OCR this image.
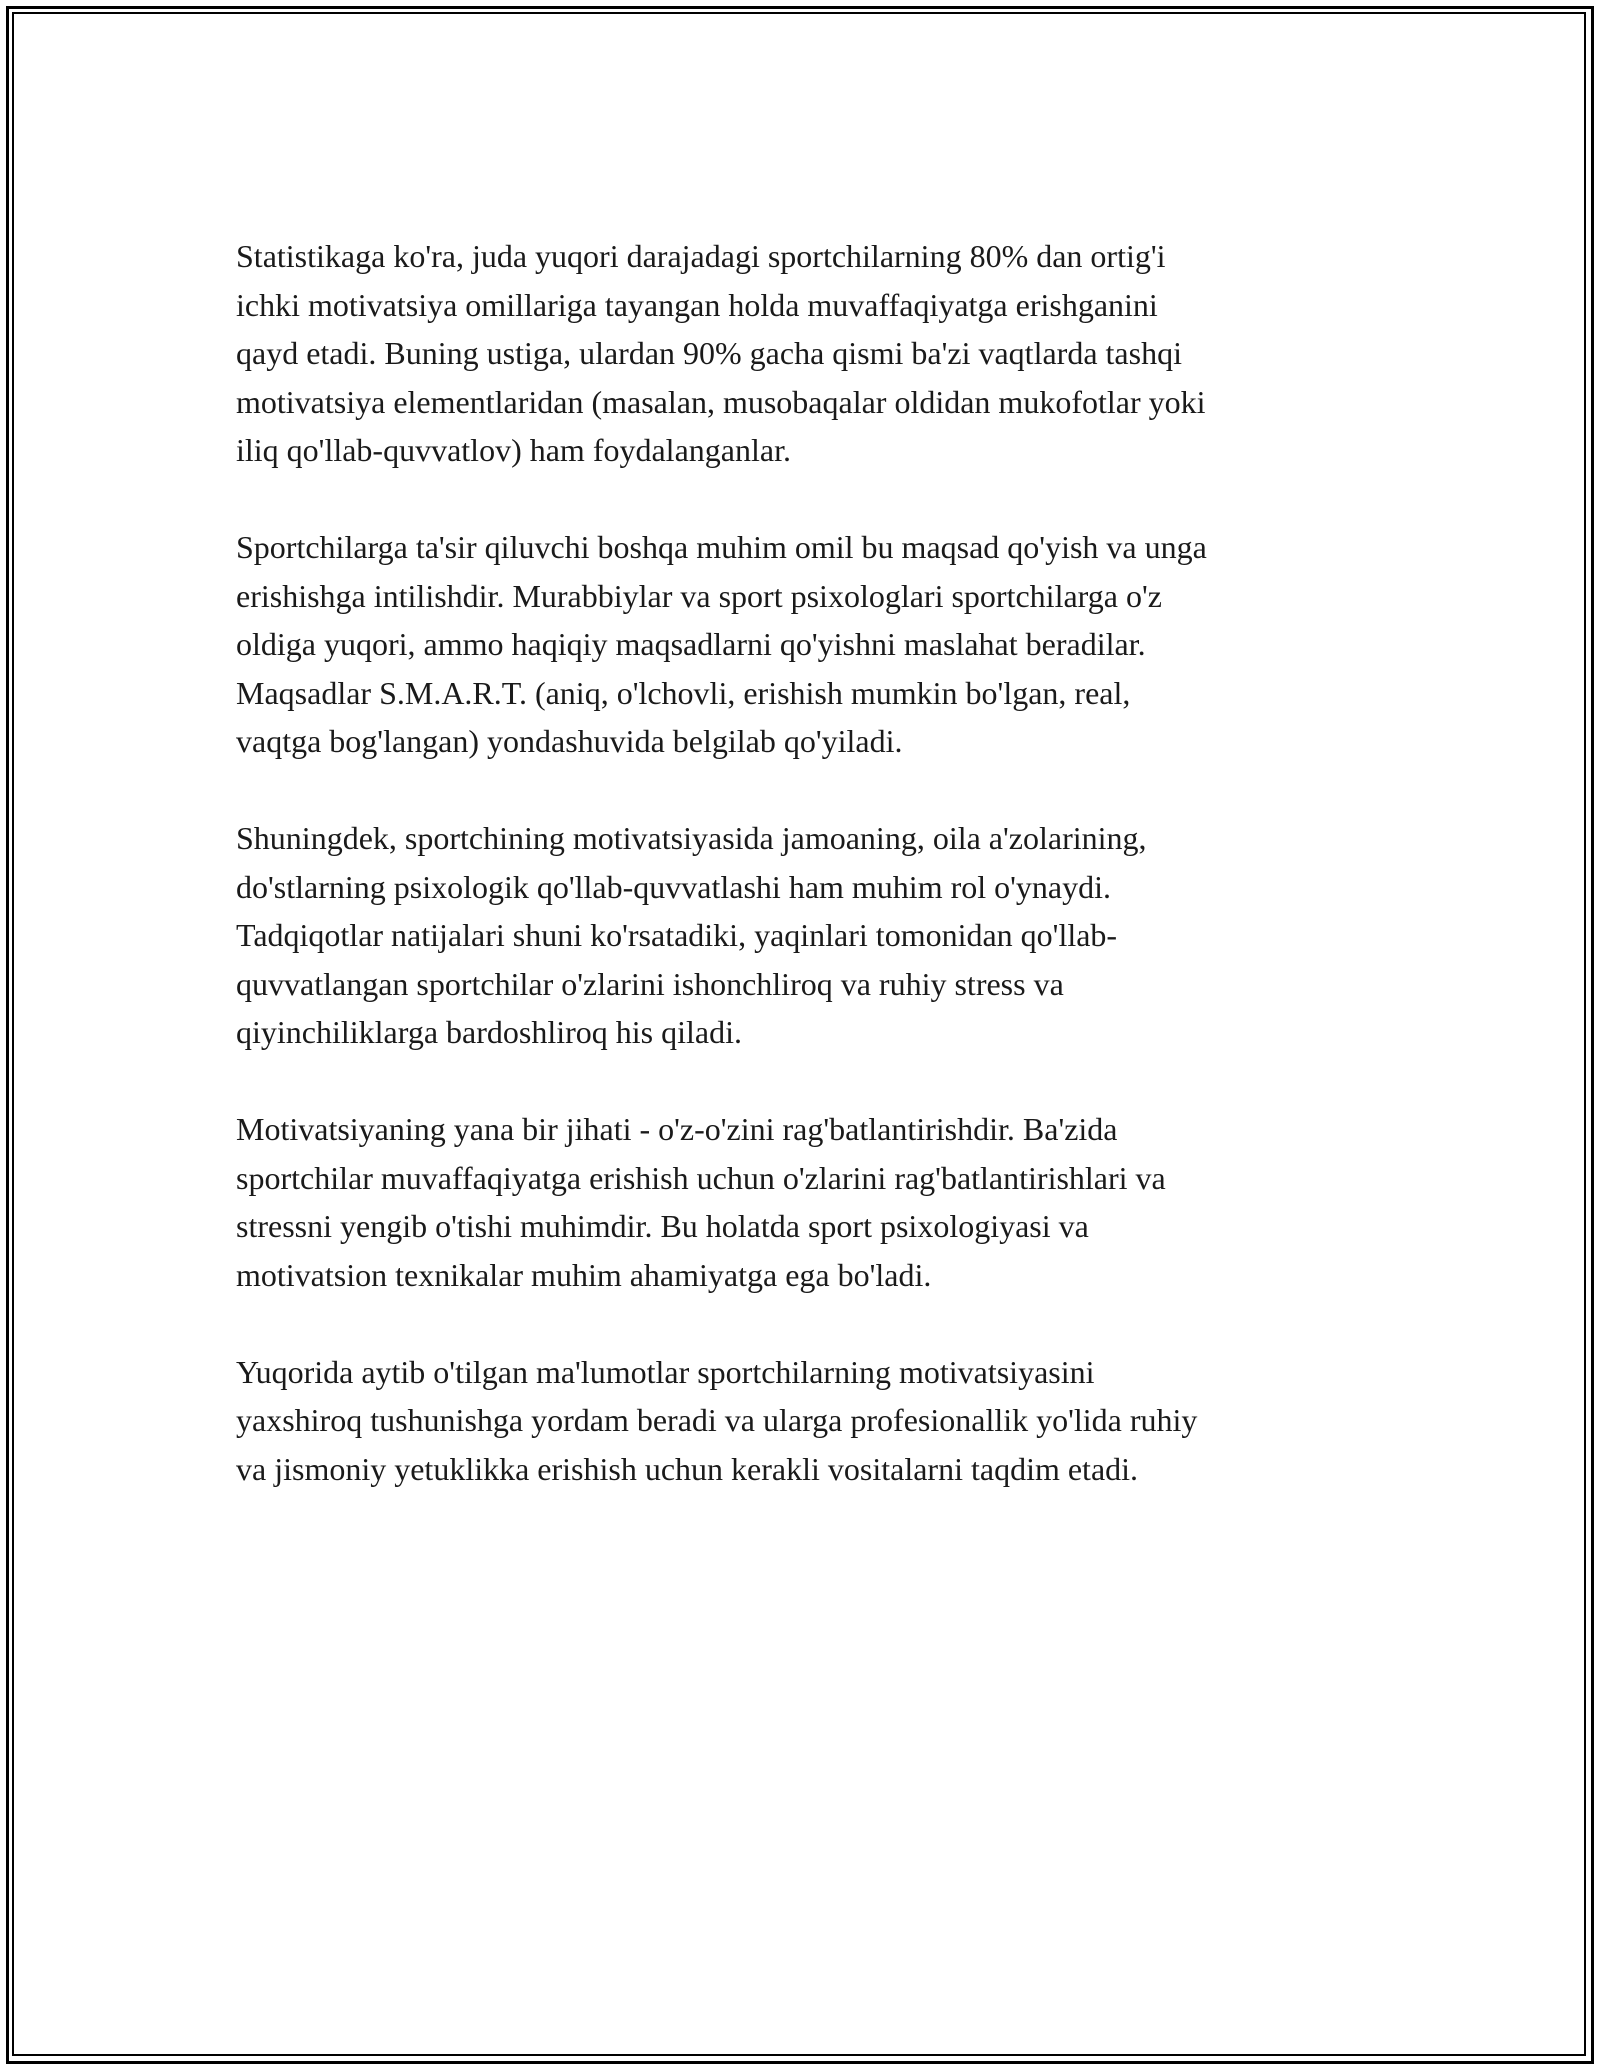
Statistikaga ko'ra, juda yuqori darajadagi sportchilarning 80% dan ortig'i
ichki motivatsiya omillariga tayangan holda muvaffaqiyatga erishganini
qayd etadi. Buning ustiga, ulardan 90% gacha qismi ba'zi vaqtlarda tashqi
motivatsiya elementlaridan (masalan, musobaqalar oldidan mukofotlar yoki
iliq qo'llab-quvvatlov) ham foydalanganlar.

Sportchilarga ta'sir qiluvchi boshqa muhim omil bu maqsad qo'yish va unga
erishishga intilishdir. Murabbiylar va sport psixologlari sportchilarga o'z
oldiga yuqori, ammo haqiqiy maqsadlarni qo'yishni maslahat beradilar.
Maqsadlar S.M.A.R.T. (aniq, o'lchovli, erishish mumkin bo'lgan, real,
vaqtga bog'langan) yondashuvida belgilab qo'yiladi.

Shuningdek, sportchining motivatsiyasida jamoaning, oila a'zolarining,
do'stlarning psixologik qo'llab-quvvatlashi ham muhim rol o'ynaydi.
Tadqiqotlar natijalari shuni ko'rsatadiki, yaqinlari tomonidan qo'llab-
quvvatlangan sportchilar o'zlarini ishonchliroq va ruhiy stress va
qiyinchiliklarga bardoshliroq his qiladi.

Motivatsiyaning yana bir jihati - o'z-o'zini rag'batlantirishdir. Ba'zida
sportchilar muvaffaqiyatga erishish uchun o'zlarini rag'batlantirishlari va
stressni yengib o'tishi muhimdir. Bu holatda sport psixologiyasi va
motivatsion texnikalar muhim ahamiyatga ega bo'ladi.

Yuqorida aytib o'tilgan ma'lumotlar sportchilarning motivatsiyasini
yaxshiroq tushunishga yordam beradi va ularga profesionallik yo'lida ruhiy
va jismoniy yetuklikka erishish uchun kerakli vositalarni taqdim etadi.
